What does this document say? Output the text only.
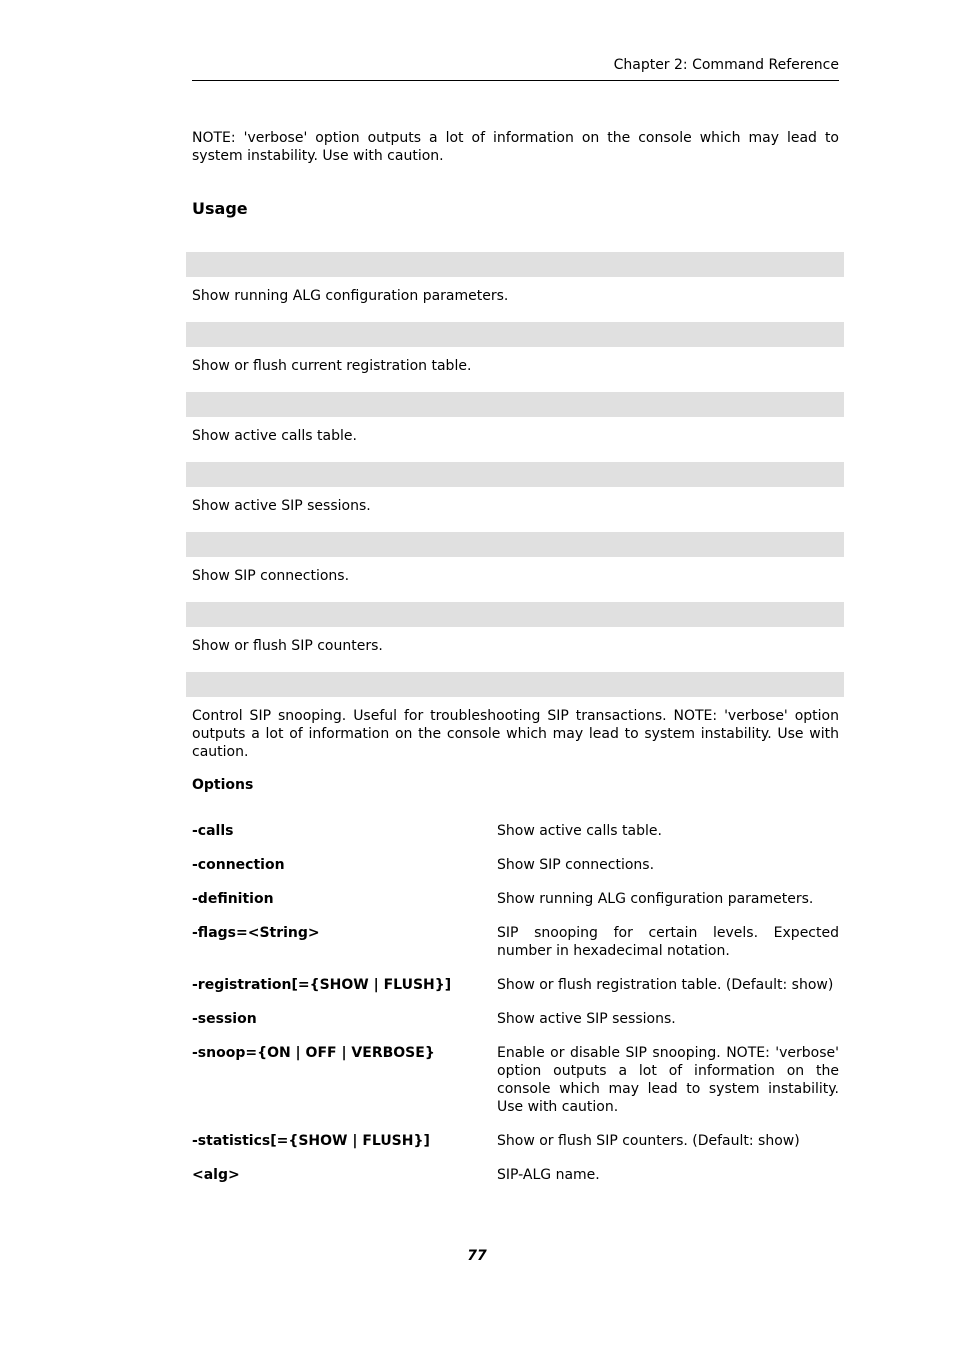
Chapter 2: Command Reference

NOTE: 'verbose' option outputs a lot of information on the console which may lead to system instability. Use with caution.

Usage

Show running ALG configuration parameters.

Show or flush current registration table.

Show active calls table.

Show active SIP sessions.

Show SIP connections.

Show or flush SIP counters.

Control SIP snooping. Useful for troubleshooting SIP transactions. NOTE: 'verbose' option outputs a lot of information on the console which may lead to system instability. Use with caution.

Options
-calls	Show active calls table.
-connection	Show SIP connections.
-definition	Show running ALG configuration parameters.
-flags=<String>	SIP snooping for certain levels. Expected number in hexadecimal notation.
-registration[={SHOW | FLUSH}]	Show or flush registration table. (Default: show)
-session	Show active SIP sessions.
-snoop={ON | OFF | VERBOSE}	Enable or disable SIP snooping. NOTE: 'verbose' option outputs a lot of information on the console which may lead to system instability. Use with caution.
-statistics[={SHOW | FLUSH}]	Show or flush SIP counters. (Default: show)
<alg>	SIP-ALG name.
77
